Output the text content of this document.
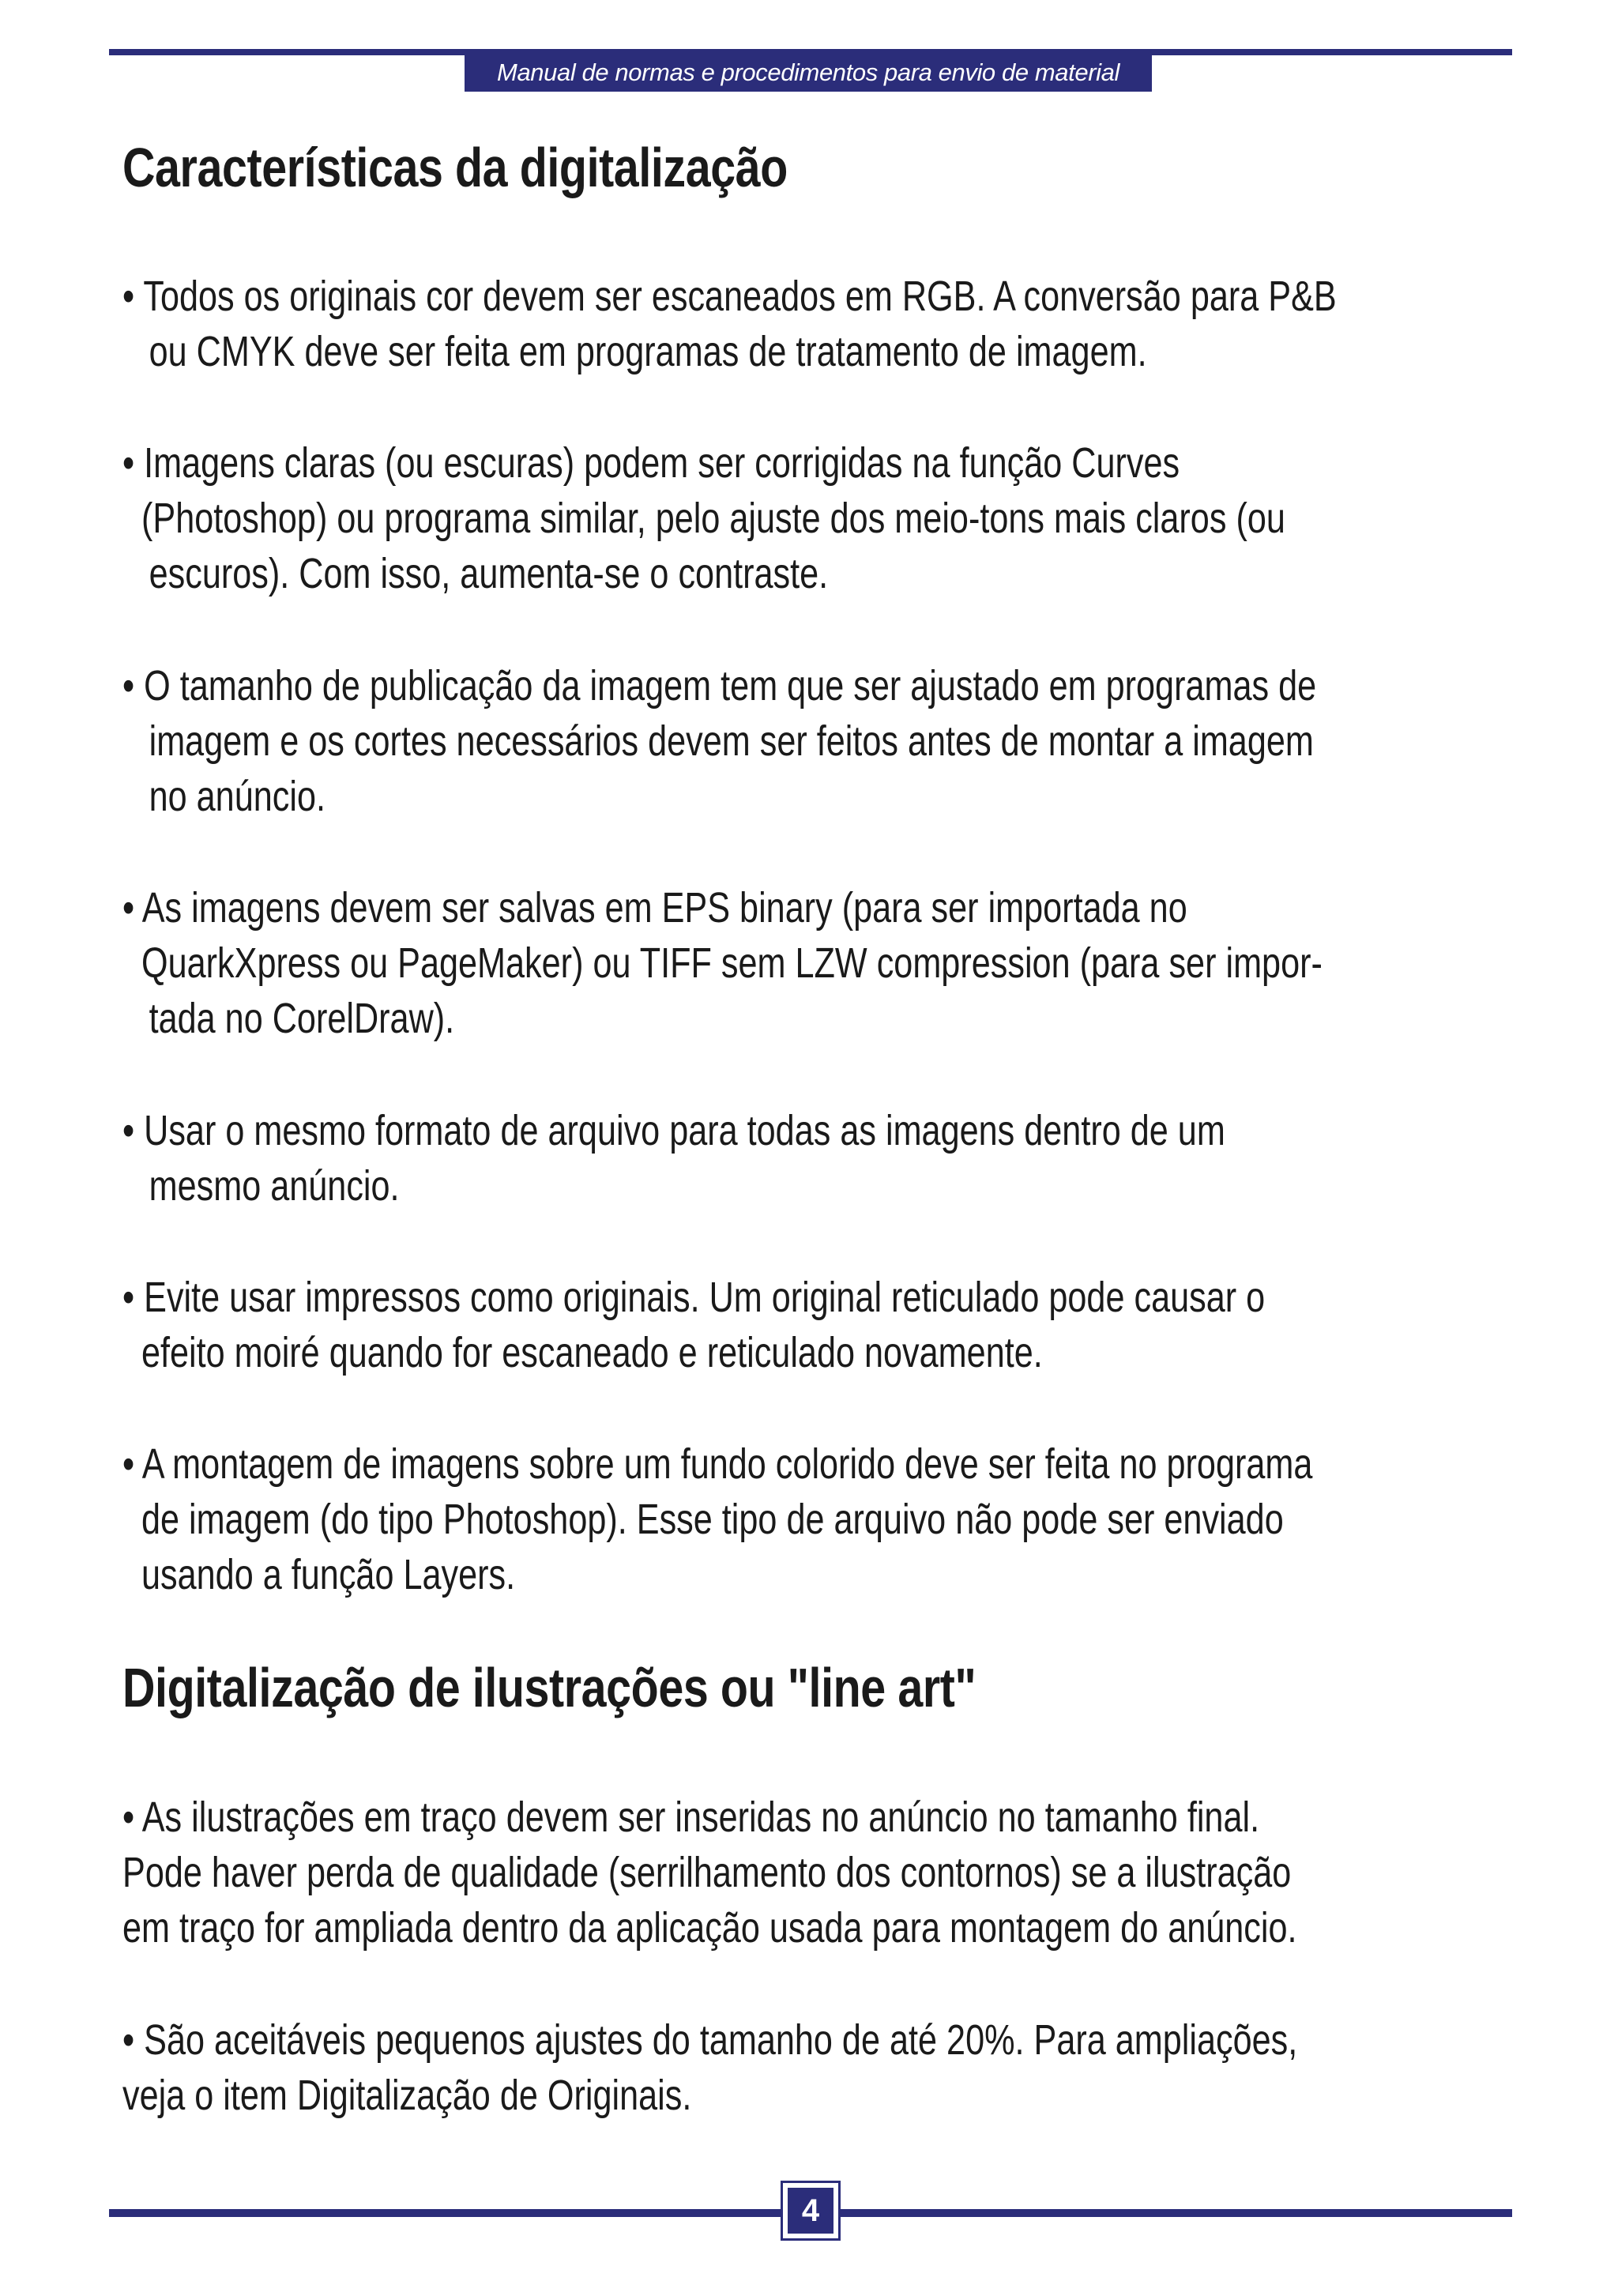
Manual de normas e procedimentos para envio de material
Características da digitalização

• Todos os originais cor devem ser escaneados em RGB. A conversão para P&B
ou CMYK deve ser feita em programas de tratamento de imagem.

• Imagens claras (ou escuras) podem ser corrigidas na função Curves
(Photoshop) ou programa similar, pelo ajuste dos meio-tons mais claros (ou
escuros). Com isso, aumenta-se o contraste.

• O tamanho de publicação da imagem tem que ser ajustado em programas de
imagem e os cortes necessários devem ser feitos antes de montar a imagem
no anúncio.

• As imagens devem ser salvas em EPS binary (para ser importada no
QuarkXpress ou PageMaker) ou TIFF sem LZW compression (para ser impor-
tada no CorelDraw).

• Usar o mesmo formato de arquivo para todas as imagens dentro de um
mesmo anúncio.

• Evite usar impressos como originais. Um original reticulado pode causar o
efeito moiré quando for escaneado e reticulado novamente.

• A montagem de imagens sobre um fundo colorido deve ser feita no programa
de imagem (do tipo Photoshop). Esse tipo de arquivo não pode ser enviado
usando a função Layers.

Digitalização de ilustrações ou "line art"

• As ilustrações em traço devem ser inseridas no anúncio no tamanho final.
Pode haver perda de qualidade (serrilhamento dos contornos) se a ilustração
em traço for ampliada dentro da aplicação usada para montagem do anúncio.

• São aceitáveis pequenos ajustes do tamanho de até 20%. Para ampliações,
veja o item Digitalização de Originais.

4
